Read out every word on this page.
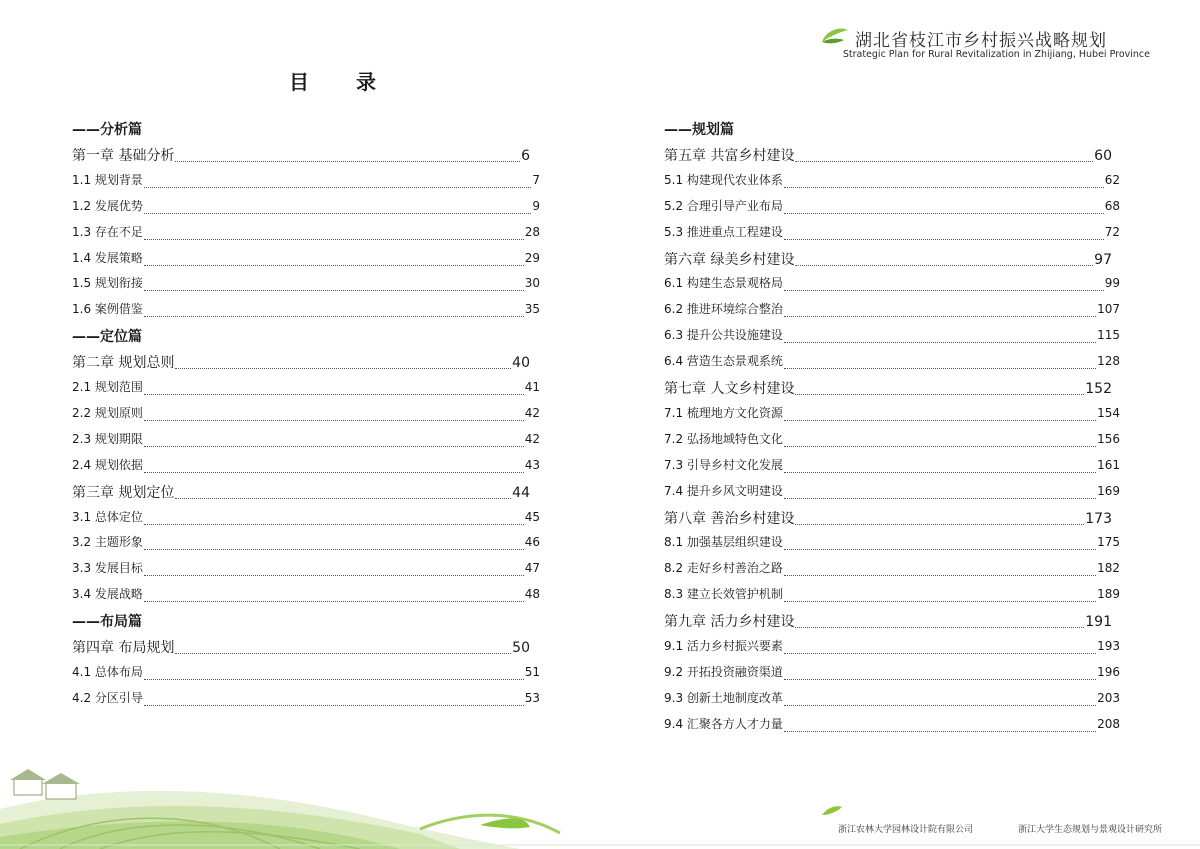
湖北省枝江市乡村振兴战略规划
Strategic Plan for Rural Revitalization in Zhijiang, Hubei Province
目 录
——分析篇
第一章 基础分析	6
1.1 规划背景	7
1.2 发展优势	9
1.3 存在不足	28
1.4 发展策略	29
1.5 规划衔接	30
1.6 案例借鉴	35
——定位篇
第二章 规划总则	40
2.1 规划范围	41
2.2 规划原则	42
2.3 规划期限	42
2.4 规划依据	43
第三章 规划定位	44
3.1 总体定位	45
3.2 主题形象	46
3.3 发展目标	47
3.4 发展战略	48
——布局篇
第四章 布局规划	50
4.1 总体布局	51
4.2 分区引导	53
——规划篇
第五章 共富乡村建设	60
5.1 构建现代农业体系	62
5.2 合理引导产业布局	68
5.3 推进重点工程建设	72
第六章 绿美乡村建设	97
6.1 构建生态景观格局	99
6.2 推进环境综合整治	107
6.3 提升公共设施建设	115
6.4 营造生态景观系统	128
第七章 人文乡村建设	152
7.1 梳理地方文化资源	154
7.2 弘扬地域特色文化	156
7.3 引导乡村文化发展	161
7.4 提升乡风文明建设	169
第八章 善治乡村建设	173
8.1 加强基层组织建设	175
8.2 走好乡村善治之路	182
8.3 建立长效管护机制	189
第九章 活力乡村建设	191
9.1 活力乡村振兴要素	193
9.2 开拓投资融资渠道	196
9.3 创新土地制度改革	203
9.4 汇聚各方人才力量	208
浙江农林大学园林设计院有限公司	浙江大学生态规划与景观设计研究所
